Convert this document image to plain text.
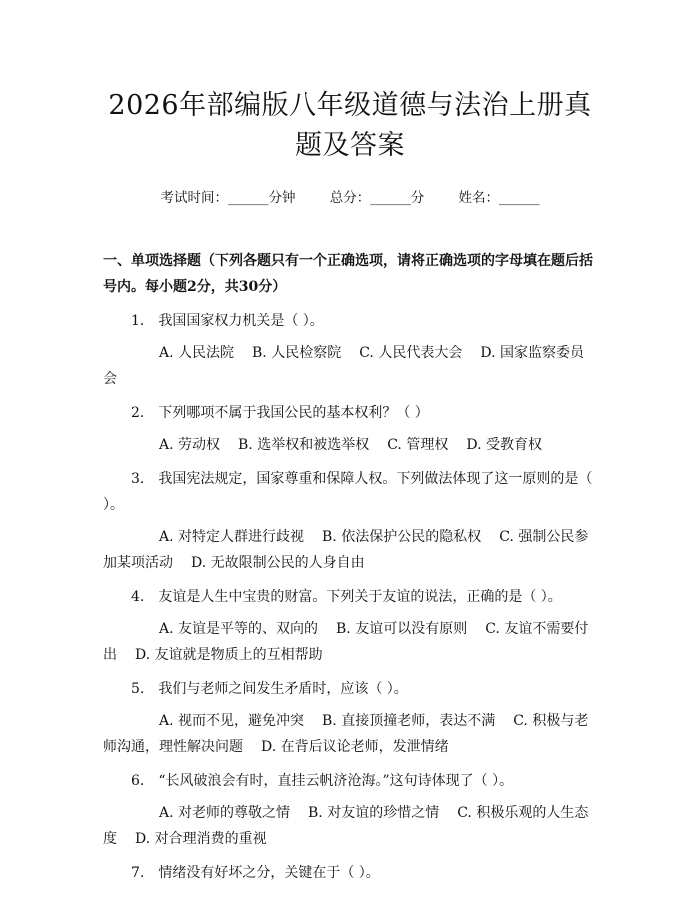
2026年部编版八年级道德与法治上册真题及答案
考试时间：______分钟	总分：______分	姓名：______
一、单项选择题（下列各题只有一个正确选项，请将正确选项的字母填在题后括号内。每小题2分，共30分）
1. 我国国家权力机关是（ ）。
A. 人民法院 B. 人民检察院 C. 人民代表大会 D. 国家监察委员会
2. 下列哪项不属于我国公民的基本权利？（ ）
A. 劳动权 B. 选举权和被选举权 C. 管理权 D. 受教育权
3. 我国宪法规定，国家尊重和保障人权。下列做法体现了这一原则的是（ ）。
A. 对特定人群进行歧视 B. 依法保护公民的隐私权 C. 强制公民参加某项活动 D. 无故限制公民的人身自由
4. 友谊是人生中宝贵的财富。下列关于友谊的说法，正确的是（ ）。
A. 友谊是平等的、双向的 B. 友谊可以没有原则 C. 友谊不需要付出 D. 友谊就是物质上的互相帮助
5. 我们与老师之间发生矛盾时，应该（ ）。
A. 视而不见，避免冲突 B. 直接顶撞老师，表达不满 C. 积极与老师沟通，理性解决问题 D. 在背后议论老师，发泄情绪
6. “长风破浪会有时，直挂云帆济沧海。”这句诗体现了（ ）。
A. 对老师的尊敬之情 B. 对友谊的珍惜之情 C. 积极乐观的人生态度 D. 对合理消费的重视
7. 情绪没有好坏之分，关键在于（ ）。
